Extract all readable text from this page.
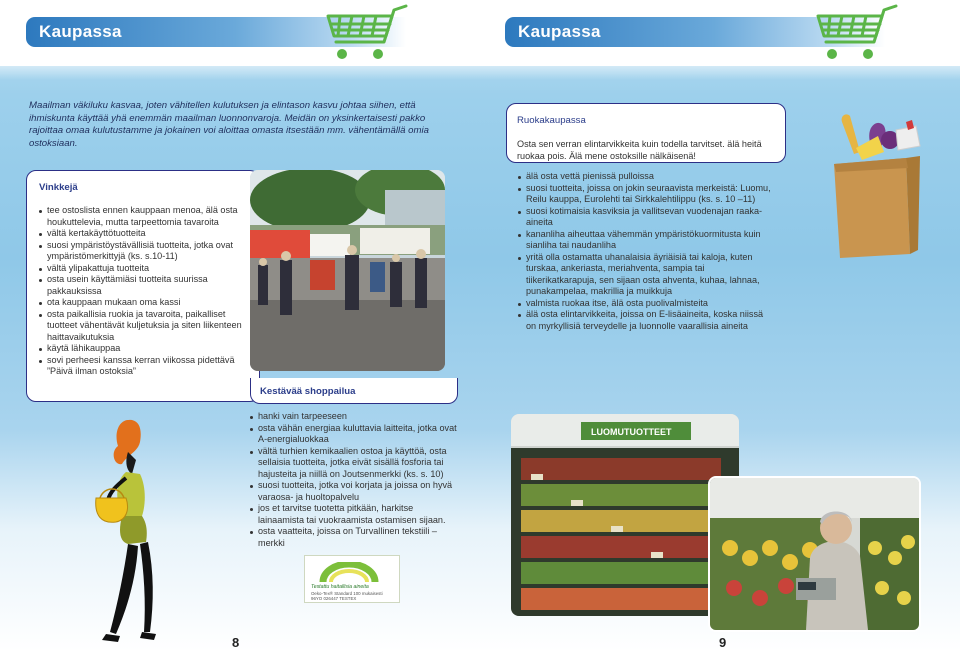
Kaupassa
Maailman väkiluku kasvaa, joten vähitellen kulutuksen ja elintason kasvu johtaa siihen, että ihmiskunta käyttää yhä enemmän maailman luonnonvaroja. Meidän on yksinkertaisesti pakko rajoittaa omaa kulutustamme ja jokainen voi aloittaa omasta itsestään mm. vähentämällä omia ostoksiaan.
Vinkkejä
tee ostoslista ennen kauppaan menoa, älä osta houkuttelevia, mutta tarpeettomia tavaroita
vältä kertakäyttötuotteita
suosi ympäristöystävällisiä tuotteita, jotka ovat ympäristömerkittyjä (ks. s.10-11)
vältä ylipakattuja tuotteita
osta usein käyttämiäsi tuotteita suurissa pakkauksissa
ota kauppaan mukaan oma kassi
osta paikallisia ruokia ja tavaroita, paikalliset tuotteet vähentävät kuljetuksia ja siten liikenteen haittavaikutuksia
käytä lähikauppaa
sovi perheesi kanssa kerran viikossa pidettävä ”Päivä ilman ostoksia”
Kestävää shoppailua
hanki vain tarpeeseen
osta vähän energiaa kuluttavia laitteita, jotka ovat A-energialuokkaa
vältä turhien kemikaalien ostoa ja käyttöä, osta sellaisia tuotteita, jotka eivät sisällä fosforia tai hajusteita ja niillä on Joutsenmerkki (ks. s. 10)
suosi tuotteita, jotka voi korjata ja joissa on hyvä varaosa- ja huoltopalvelu
jos et tarvitse tuotetta pitkään, harkitse lainaamista tai vuokraamista ostamisen sijaan.
osta vaatteita, joissa on Turvallinen tekstiili –merkki
Testattu haitallisia aineita
Oeko-Tex® Standard 100 mukaisesti
96YO 026447 TESTEX
8
Kaupassa
Ruokakaupassa
Osta sen verran elintarvikkeita kuin todella tarvitset. älä heitä ruokaa pois. Älä mene ostoksille nälkäisenä!
älä osta vettä pienissä pulloissa
suosi tuotteita, joissa on jokin seuraavista merkeistä: Luomu, Reilu kauppa, Eurolehti tai Sirkkalehtilippu (ks. s. 10 –11)
suosi kotimaisia kasviksia ja vallitsevan vuodenajan raaka-aineita
kananliha aiheuttaa vähemmän ympäristökuormitusta kuin sianliha tai naudanliha
yritä olla ostamatta uhanalaisia äyriäisiä tai kaloja, kuten turskaa, ankeriasta, meriahventa, sampia tai tiikerikatkarapuja, sen sijaan osta ahventa, kuhaa, lahnaa, punakampelaa, makrillia ja muikkuja
valmista ruokaa itse, älä osta puolivalmisteita
älä osta elintarvikkeita, joissa on E-lisäaineita, koska niissä on myrkyllisiä terveydelle ja luonnolle vaarallisia aineita
LUOMUTUOTTEET
9
